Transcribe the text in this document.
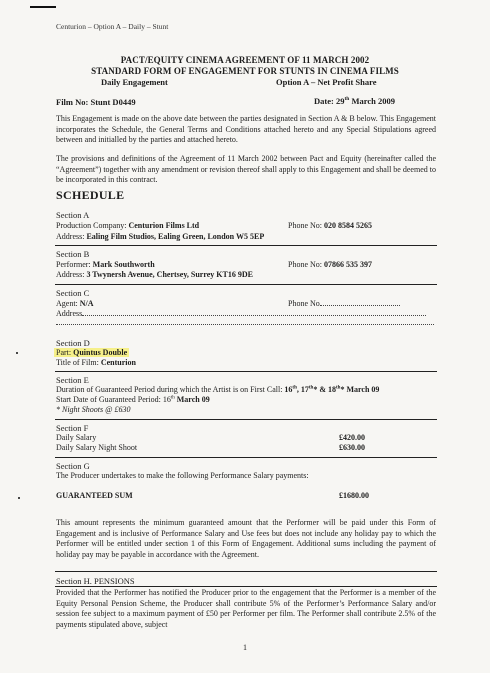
Centurion – Option A – Daily – Stunt
PACT/EQUITY CINEMA AGREEMENT OF 11 MARCH 2002
STANDARD FORM OF ENGAGEMENT FOR STUNTS IN CINEMA FILMS
Daily Engagement	Option A – Net Profit Share
Film No: Stunt D0449	Date: 29th March 2009
This Engagement is made on the above date between the parties designated in Section A & B below. This Engagement incorporates the Schedule, the General Terms and Conditions attached hereto and any Special Stipulations agreed between and initialled by the parties and attached hereto.
The provisions and definitions of the Agreement of 11 March 2002 between Pact and Equity (hereinafter called the “Agreement”) together with any amendment or revision thereof shall apply to this Engagement and shall be deemed to be incorporated in this contract.
SCHEDULE
Section A
Production Company: Centurion Films Ltd	Phone No: 020 8584 5265
Address: Ealing Film Studios, Ealing Green, London W5 5EP
Section B
Performer: Mark Southworth	Phone No: 07866 535 397
Address: 3 Twynersh Avenue, Chertsey, Surrey KT16 9DE
Section C
Agent: N/A	Phone No
Address
Section D
Part: Quintus Double
Title of Film: Centurion
Section E
Duration of Guaranteed Period during which the Artist is on First Call: 16th, 17th* & 18th* March 09
Start Date of Guaranteed Period: 16th March 09
* Night Shoots @ £630
Section F
Daily Salary	£420.00
Daily Salary Night Shoot	£630.00
Section G
The Producer undertakes to make the following Performance Salary payments:
GUARANTEED SUM	£1680.00
This amount represents the minimum guaranteed amount that the Performer will be paid under this Form of Engagement and is inclusive of Performance Salary and Use fees but does not include any holiday pay to which the Performer will be entitled under section 1 of this Form of Engagement. Additional sums including the payment of holiday pay may be payable in accordance with the Agreement.
Section H. PENSIONS
Provided that the Performer has notified the Producer prior to the engagement that the Performer is a member of the Equity Personal Pension Scheme, the Producer shall contribute 5% of the Performer’s Performance Salary and/or session fee subject to a maximum payment of £50 per Performer per film. The Performer shall contribute 2.5% of the payments stipulated above, subject
1
